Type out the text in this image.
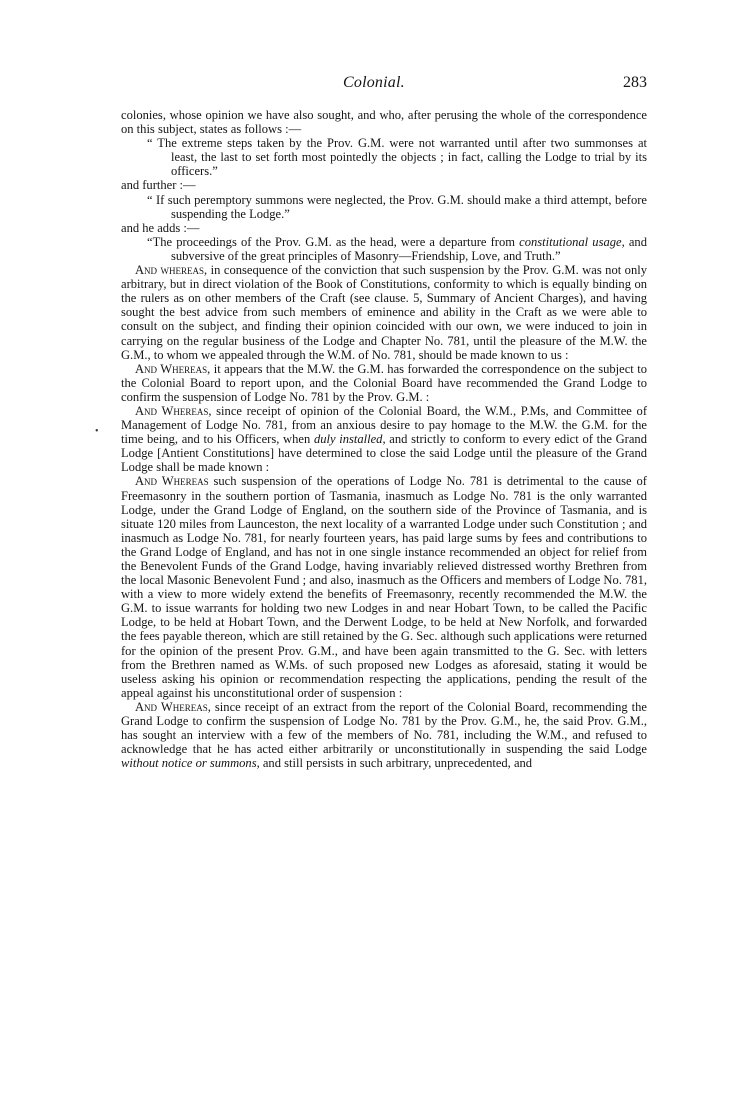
Colonial.	283

colonies, whose opinion we have also sought, and who, after perusing the whole of the correspondence on this subject, states as follows :—

“ The extreme steps taken by the Prov. G.M. were not warranted until after two summonses at least, the last to set forth most pointedly the objects ; in fact, calling the Lodge to trial by its officers.”

and further :—

“ If such peremptory summons were neglected, the Prov. G.M. should make a third attempt, before suspending the Lodge.”

and he adds :—

“The proceedings of the Prov. G.M. as the head, were a departure from constitutional usage, and subversive of the great principles of Masonry—Friendship, Love, and Truth.”

And whereas, in consequence of the conviction that such suspension by the Prov. G.M. was not only arbitrary, but in direct violation of the Book of Constitutions, conformity to which is equally binding on the rulers as on other members of the Craft (see clause. 5, Summary of Ancient Charges), and having sought the best advice from such members of eminence and ability in the Craft as we were able to consult on the subject, and finding their opinion coincided with our own, we were induced to join in carrying on the regular business of the Lodge and Chapter No. 781, until the pleasure of the M.W. the G.M., to whom we appealed through the W.M. of No. 781, should be made known to us :

And Whereas, it appears that the M.W. the G.M. has forwarded the correspondence on the subject to the Colonial Board to report upon, and the Colonial Board have recommended the Grand Lodge to confirm the suspension of Lodge No. 781 by the Prov. G.M. :

And Whereas, since receipt of opinion of the Colonial Board, the W.M., P.Ms, and Committee of Management of Lodge No. 781, from an anxious desire to pay homage to the M.W. the G.M. for the time being, and to his Officers, when duly installed, and strictly to conform to every edict of the Grand Lodge [Antient Constitutions] have determined to close the said Lodge until the pleasure of the Grand Lodge shall be made known :

And Whereas such suspension of the operations of Lodge No. 781 is detrimental to the cause of Freemasonry in the southern portion of Tasmania, inasmuch as Lodge No. 781 is the only warranted Lodge, under the Grand Lodge of England, on the southern side of the Province of Tasmania, and is situate 120 miles from Launceston, the next locality of a warranted Lodge under such Constitution ; and inasmuch as Lodge No. 781, for nearly fourteen years, has paid large sums by fees and contributions to the Grand Lodge of England, and has not in one single instance recommended an object for relief from the Benevolent Funds of the Grand Lodge, having invariably relieved distressed worthy Brethren from the local Masonic Benevolent Fund ; and also, inasmuch as the Officers and members of Lodge No. 781, with a view to more widely extend the benefits of Freemasonry, recently recommended the M.W. the G.M. to issue warrants for holding two new Lodges in and near Hobart Town, to be called the Pacific Lodge, to be held at Hobart Town, and the Derwent Lodge, to be held at New Norfolk, and forwarded the fees payable thereon, which are still retained by the G. Sec. although such applications were returned for the opinion of the present Prov. G.M., and have been again transmitted to the G. Sec. with letters from the Brethren named as W.Ms. of such proposed new Lodges as aforesaid, stating it would be useless asking his opinion or recommendation respecting the applications, pending the result of the appeal against his unconstitutional order of suspension :

And Whereas, since receipt of an extract from the report of the Colonial Board, recommending the Grand Lodge to confirm the suspension of Lodge No. 781 by the Prov. G.M., he, the said Prov. G.M., has sought an interview with a few of the members of No. 781, including the W.M., and refused to acknowledge that he has acted either arbitrarily or unconstitutionally in suspending the said Lodge without notice or summons, and still persists in such arbitrary, unprecedented, and

•
